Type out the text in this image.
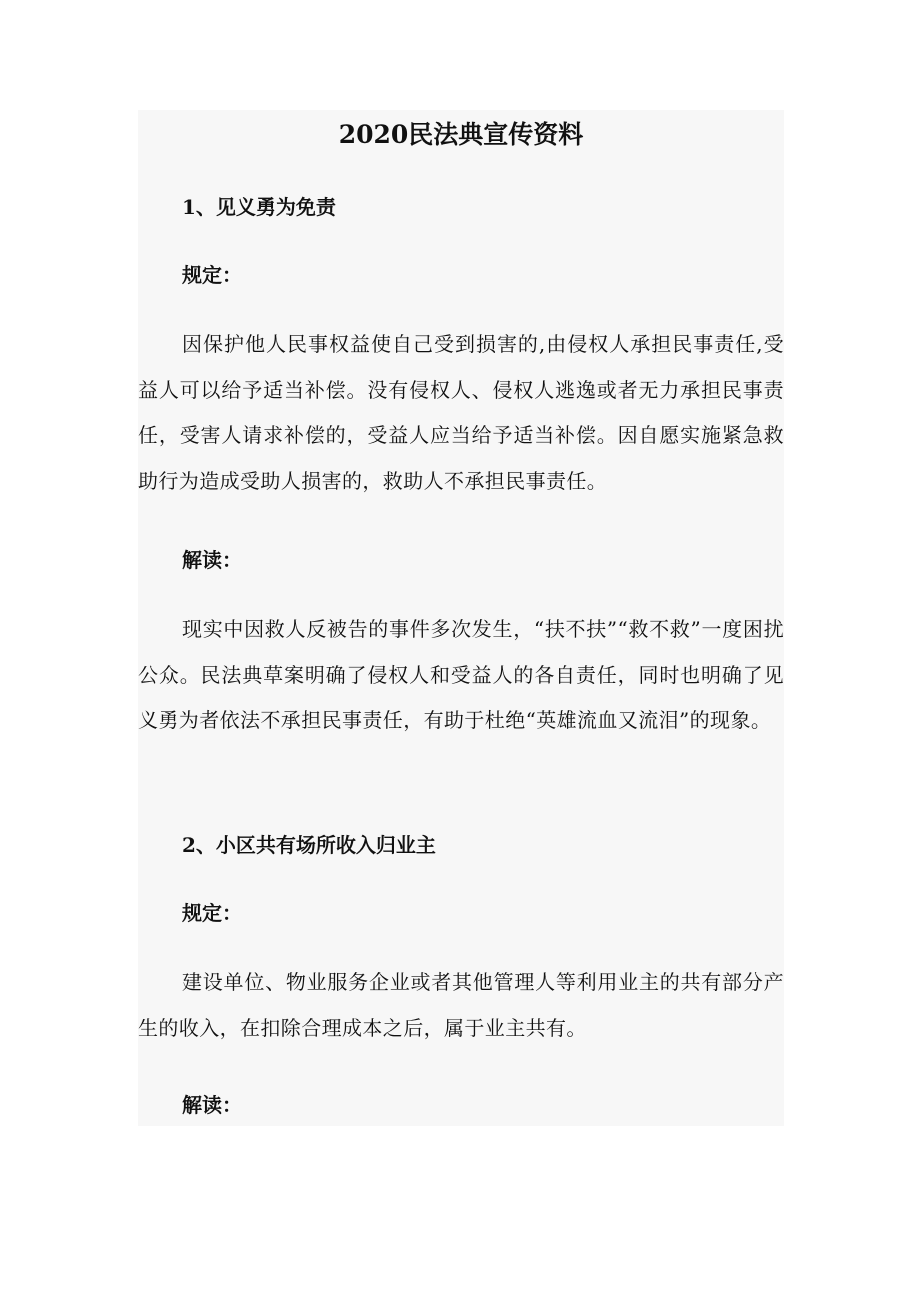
2020民法典宣传资料
1、见义勇为免责
规定：

因保护他人民事权益使自己受到损害的,由侵权人承担民事责任,受益人可以给予适当补偿。没有侵权人、侵权人逃逸或者无力承担民事责任，受害人请求补偿的，受益人应当给予适当补偿。因自愿实施紧急救助行为造成受助人损害的，救助人不承担民事责任。

解读：

现实中因救人反被告的事件多次发生，“扶不扶”“救不救”一度困扰公众。民法典草案明确了侵权人和受益人的各自责任，同时也明确了见义勇为者依法不承担民事责任，有助于杜绝“英雄流血又流泪”的现象。

2、小区共有场所收入归业主
规定：

建设单位、物业服务企业或者其他管理人等利用业主的共有部分产生的收入，在扣除合理成本之后，属于业主共有。

解读：
